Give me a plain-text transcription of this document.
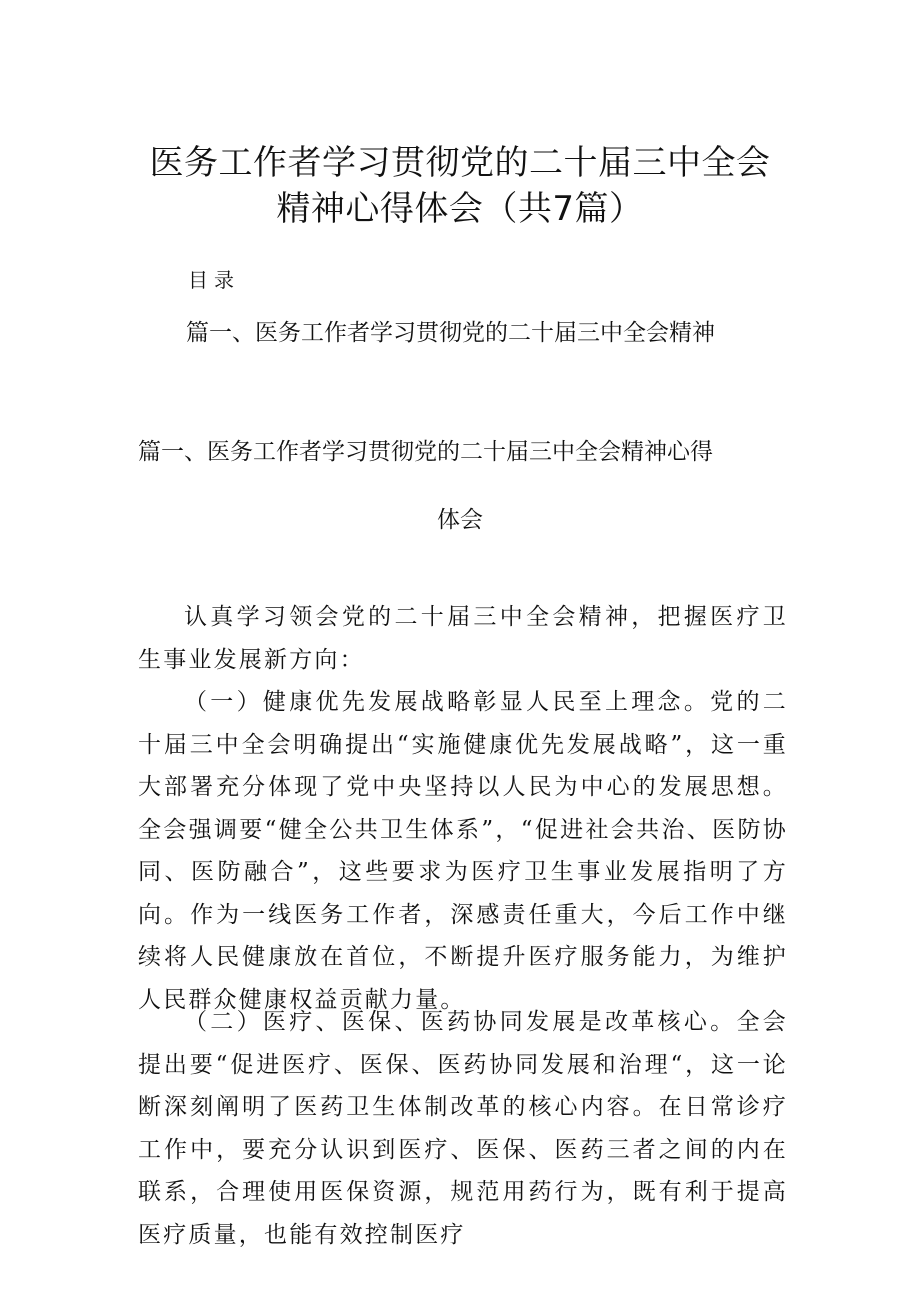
医务工作者学习贯彻党的二十届三中全会
精神心得体会（共7篇）
目录
篇一、医务工作者学习贯彻党的二十届三中全会精神
篇一、医务工作者学习贯彻党的二十届三中全会精神心得
体会

认真学习领会党的二十届三中全会精神，把握医疗卫生事业发展新方向：

（一）健康优先发展战略彰显人民至上理念。党的二十届三中全会明确提出“实施健康优先发展战略”，这一重大部署充分体现了党中央坚持以人民为中心的发展思想。全会强调要“健全公共卫生体系”，“促进社会共治、医防协同、医防融合”，这些要求为医疗卫生事业发展指明了方向。作为一线医务工作者，深感责任重大，今后工作中继续将人民健康放在首位，不断提升医疗服务能力，为维护人民群众健康权益贡献力量。

（二）医疗、医保、医药协同发展是改革核心。全会提出要“促进医疗、医保、医药协同发展和治理“，这一论断深刻阐明了医药卫生体制改革的核心内容。在日常诊疗工作中，要充分认识到医疗、医保、医药三者之间的内在联系，合理使用医保资源，规范用药行为，既有利于提高医疗质量，也能有效控制医疗
